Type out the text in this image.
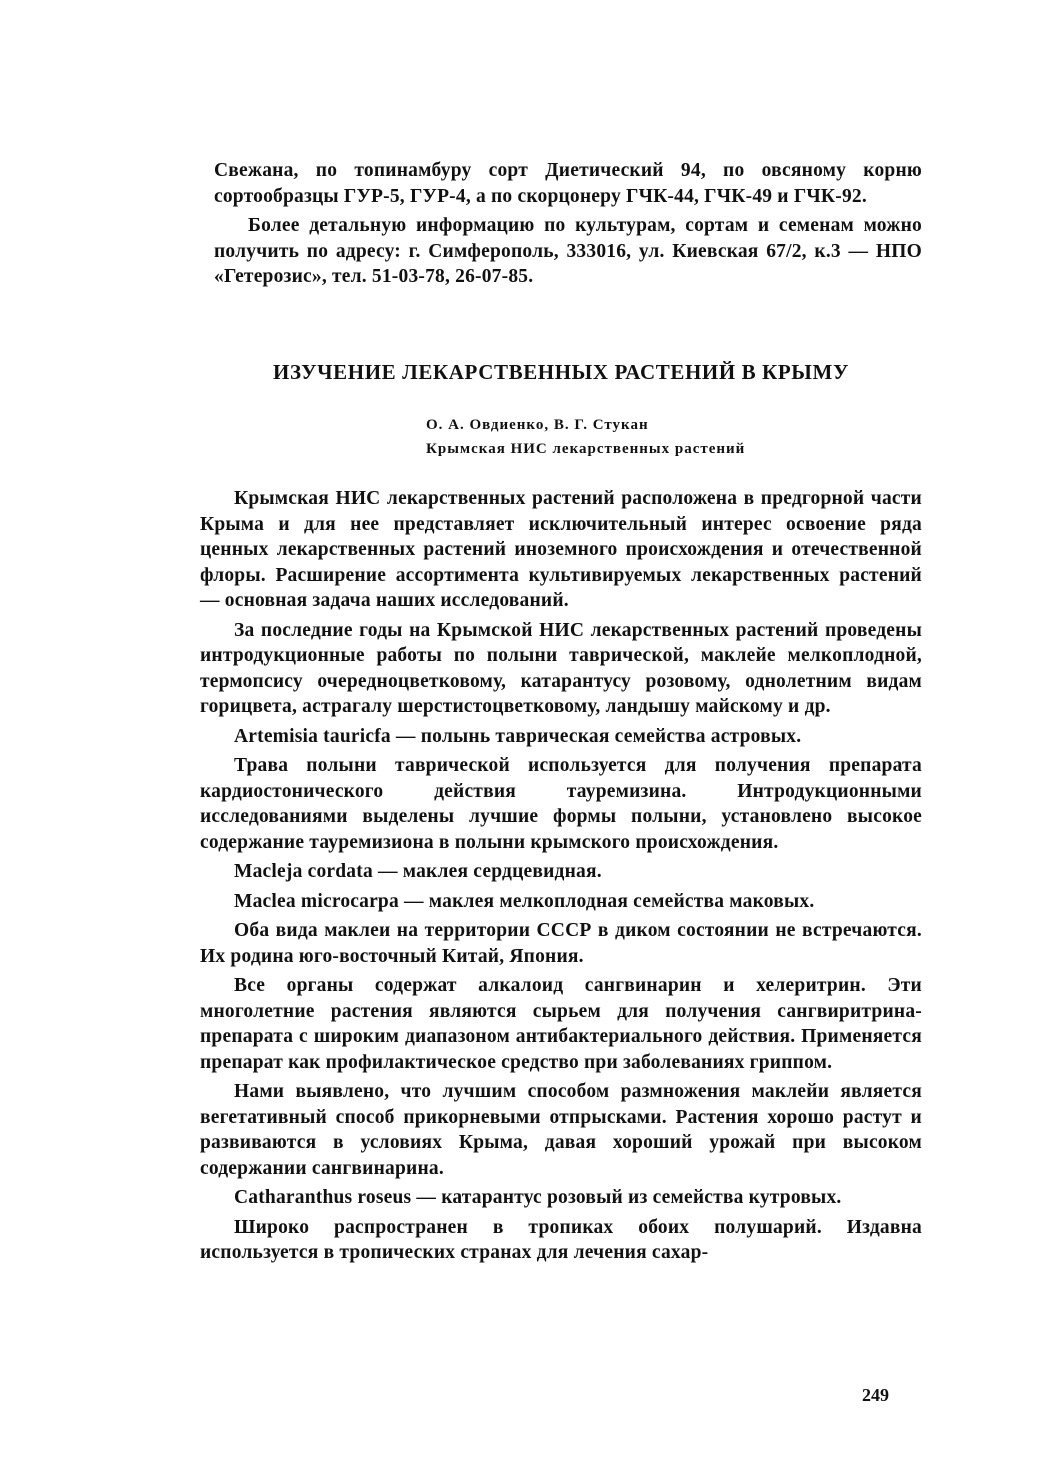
Свежана, по топинамбуру сорт Диетический 94, по овсяному корню сортообразцы ГУР-5, ГУР-4, а по скорцонеру ГЧК-44, ГЧК-49 и ГЧК-92.

Более детальную информацию по культурам, сортам и семенам можно получить по адресу: г. Симферополь, 333016, ул. Киевская 67/2, к.3 — НПО «Гетерозис», тел. 51-03-78, 26-07-85.

ИЗУЧЕНИЕ ЛЕКАРСТВЕННЫХ РАСТЕНИЙ В КРЫМУ
О. А. Овдиенко, В. Г. Стукан
Крымская НИС лекарственных растений

Крымская НИС лекарственных растений расположена в предгорной части Крыма и для нее представляет исключительный интерес освоение ряда ценных лекарственных растений иноземного происхождения и отечественной флоры. Расширение ассортимента культивируемых лекарственных растений — основная задача наших исследований.

За последние годы на Крымской НИС лекарственных растений проведены интродукционные работы по полыни таврической, маклейе мелкоплодной, термопсису очередноцветковому, катарантусу розовому, однолетним видам горицвета, астрагалу шерстистоцветковому, ландышу майскому и др.

Artemisia tauricfa — полынь таврическая семейства астровых.

Трава полыни таврической используется для получения препарата кардиостонического действия тауремизина. Интродукционными исследованиями выделены лучшие формы полыни, установлено высокое содержание тауремизиона в полыни крымского происхождения.

Macleja cordata — маклея сердцевидная.

Maclea microcarpa — маклея мелкоплодная семейства маковых.

Оба вида маклеи на территории СССР в диком состоянии не встречаются. Их родина юго-восточный Китай, Япония.

Все органы содержат алкалоид сангвинарин и хелеритрин. Эти многолетние растения являются сырьем для получения сангвиритрина-препарата с широким диапазоном антибактериального действия. Применяется препарат как профилактическое средство при заболеваниях гриппом.

Нами выявлено, что лучшим способом размножения маклейи является вегетативный способ прикорневыми отпрысками. Растения хорошо растут и развиваются в условиях Крыма, давая хороший урожай при высоком содержании сангвинарина.

Catharanthus roseus — катарантус розовый из семейства кутровых.

Широко распространен в тропиках обоих полушарий. Издавна используется в тропических странах для лечения сахар-

249
